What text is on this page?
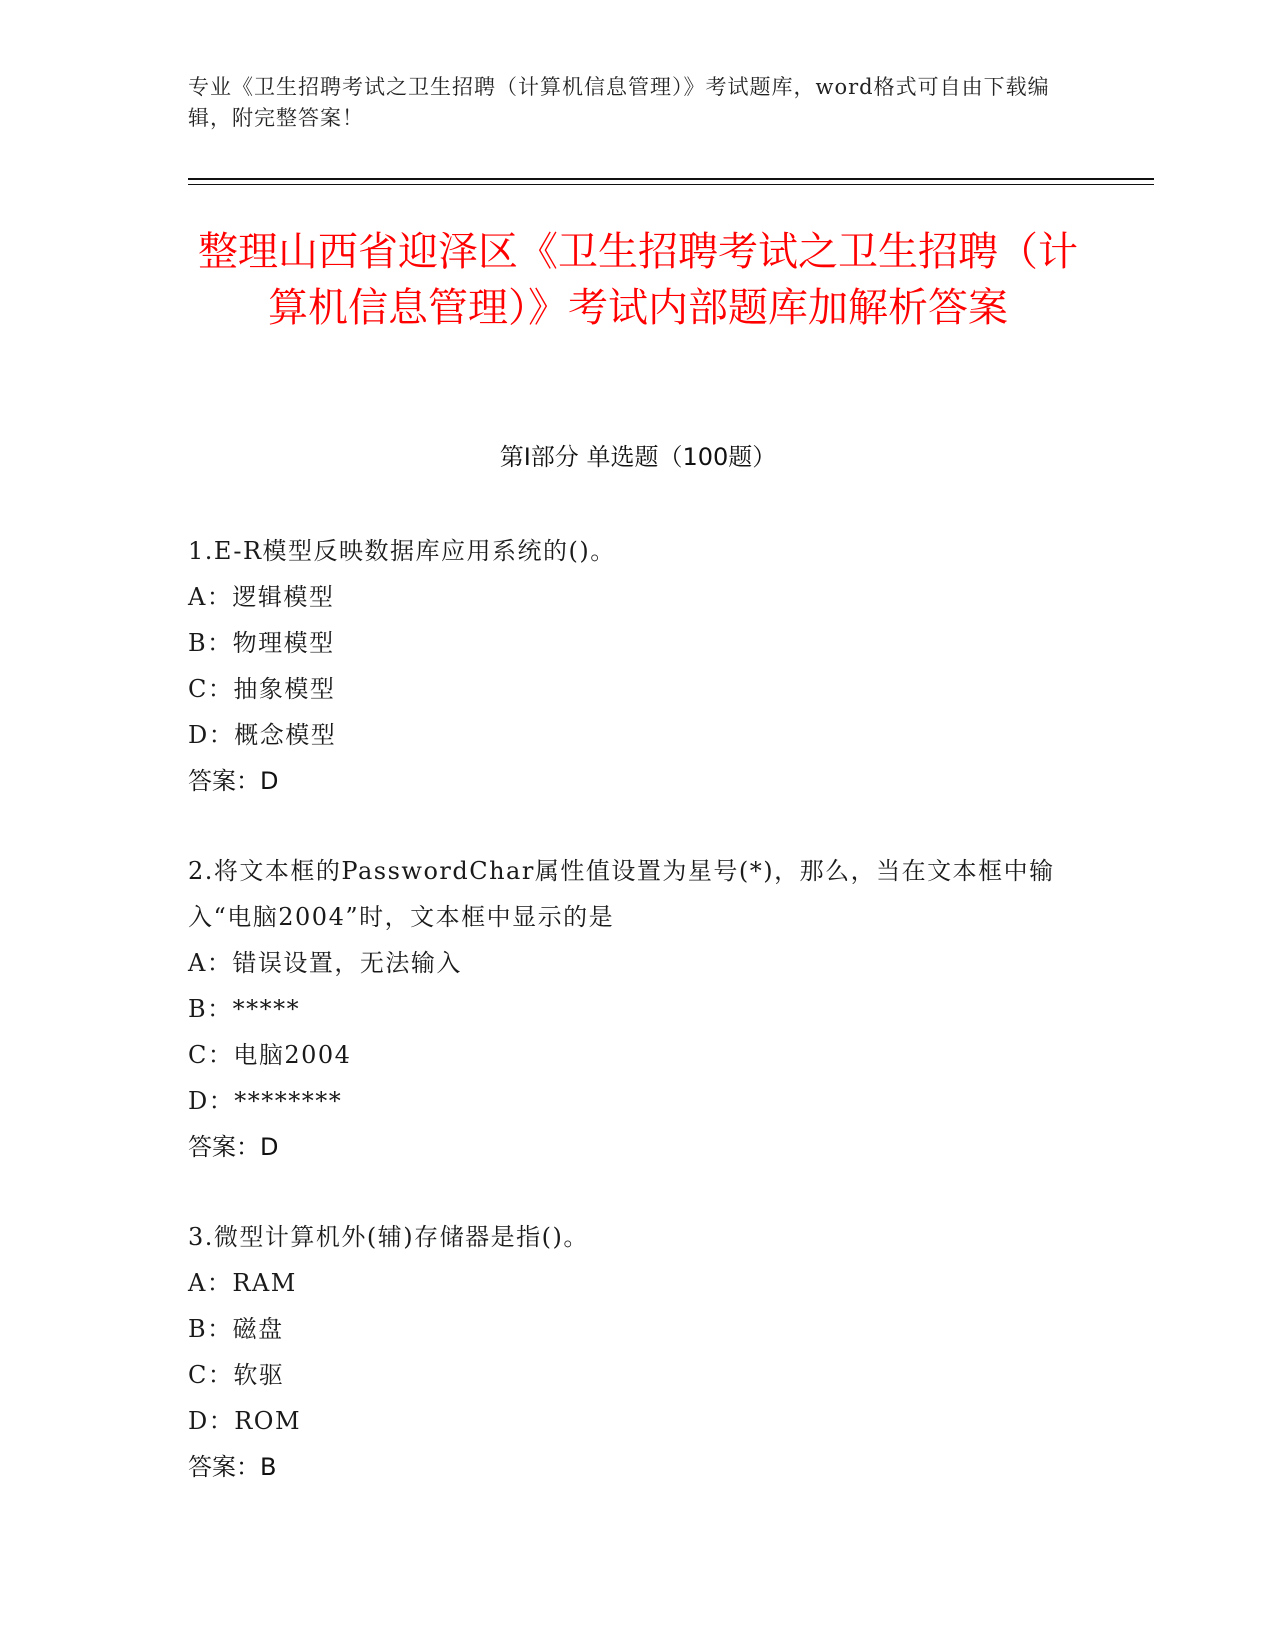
专业《卫生招聘考试之卫生招聘（计算机信息管理）》考试题库，word格式可自由下载编辑，附完整答案！
整理山西省迎泽区《卫生招聘考试之卫生招聘（计算机信息管理）》考试内部题库加解析答案
第Ⅰ部分 单选题（100题）
1.E-R模型反映数据库应用系统的()。
A：逻辑模型
B：物理模型
C：抽象模型
D：概念模型
答案：D
2.将文本框的PasswordChar属性值设置为星号(*)，那么，当在文本框中输入“电脑2004”时，文本框中显示的是
A：错误设置，无法输入
B：*****
C：电脑2004
D：********
答案：D
3.微型计算机外(辅)存储器是指()。
A：RAM
B：磁盘
C：软驱
D：ROM
答案：B
